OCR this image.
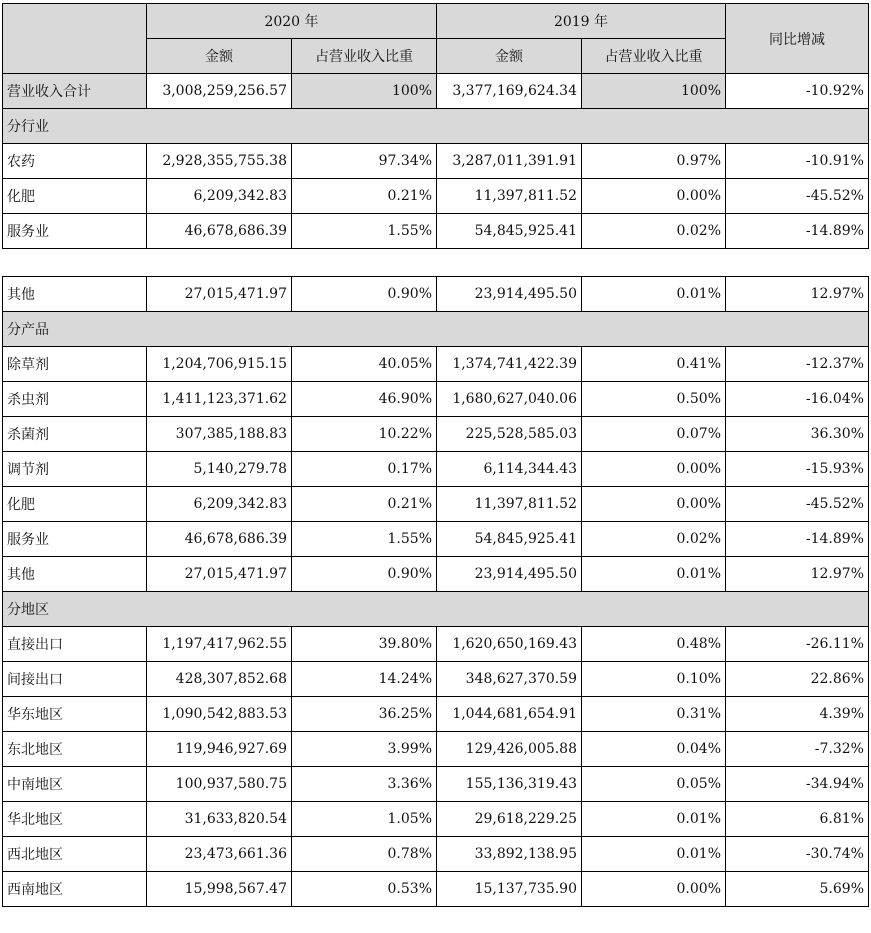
	2020 年		2019 年		同比增减
	金额	占营业收入比重	金额	占营业收入比重	
营业收入合计	3,008,259,256.57	100%	3,377,169,624.34	100%	-10.92%
分行业					
农药	2,928,355,755.38	97.34%	3,287,011,391.91	0.97%	-10.91%
化肥	6,209,342.83	0.21%	11,397,811.52	0.00%	-45.52%
服务业	46,678,686.39	1.55%	54,845,925.41	0.02%	-14.89%
其他	27,015,471.97	0.90%	23,914,495.50	0.01%	12.97%
分产品					
除草剂	1,204,706,915.15	40.05%	1,374,741,422.39	0.41%	-12.37%
杀虫剂	1,411,123,371.62	46.90%	1,680,627,040.06	0.50%	-16.04%
杀菌剂	307,385,188.83	10.22%	225,528,585.03	0.07%	36.30%
调节剂	5,140,279.78	0.17%	6,114,344.43	0.00%	-15.93%
化肥	6,209,342.83	0.21%	11,397,811.52	0.00%	-45.52%
服务业	46,678,686.39	1.55%	54,845,925.41	0.02%	-14.89%
其他	27,015,471.97	0.90%	23,914,495.50	0.01%	12.97%
分地区					
直接出口	1,197,417,962.55	39.80%	1,620,650,169.43	0.48%	-26.11%
间接出口	428,307,852.68	14.24%	348,627,370.59	0.10%	22.86%
华东地区	1,090,542,883.53	36.25%	1,044,681,654.91	0.31%	4.39%
东北地区	119,946,927.69	3.99%	129,426,005.88	0.04%	-7.32%
中南地区	100,937,580.75	3.36%	155,136,319.43	0.05%	-34.94%
华北地区	31,633,820.54	1.05%	29,618,229.25	0.01%	6.81%
西北地区	23,473,661.36	0.78%	33,892,138.95	0.01%	-30.74%
西南地区	15,998,567.47	0.53%	15,137,735.90	0.00%	5.69%
